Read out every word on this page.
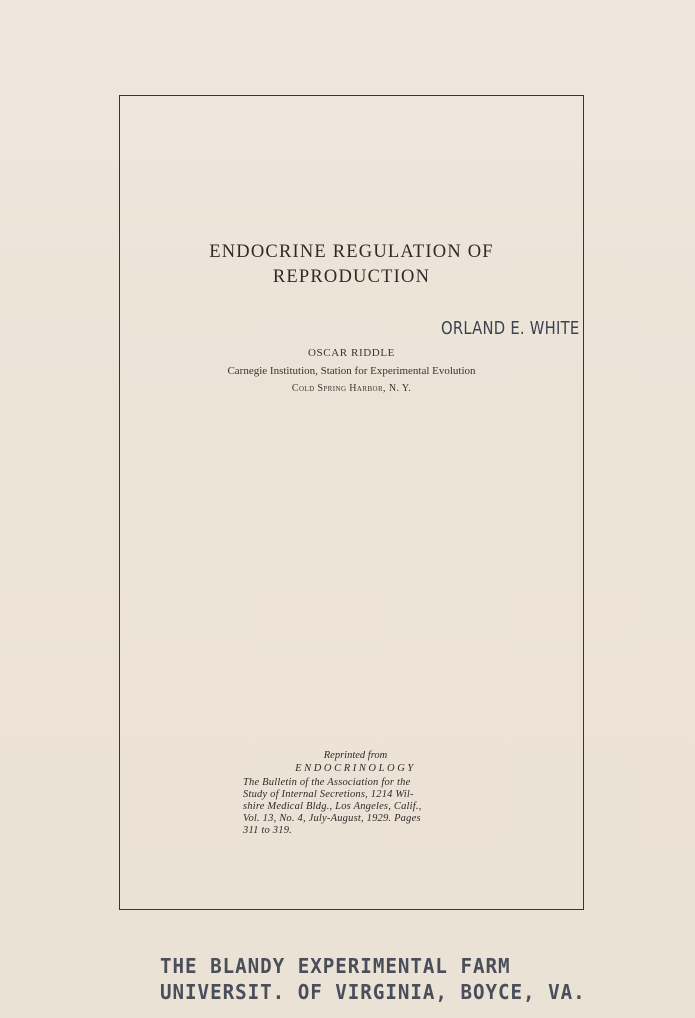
ENDOCRINE REGULATION OF
REPRODUCTION
ORLAND E. WHITE
OSCAR RIDDLE
Carnegie Institution, Station for Experimental Evolution
Cold Spring Harbor, N. Y.
Reprinted from
ENDOCRINOLOGY
The Bulletin of the Association for the
Study of Internal Secretions, 1214 Wil-
shire Medical Bldg., Los Angeles, Calif.,
Vol. 13, No. 4, July-August, 1929. Pages
311 to 319.
THE BLANDY EXPERIMENTAL FARM
UNIVERSIT. OF VIRGINIA, BOYCE, VA.
